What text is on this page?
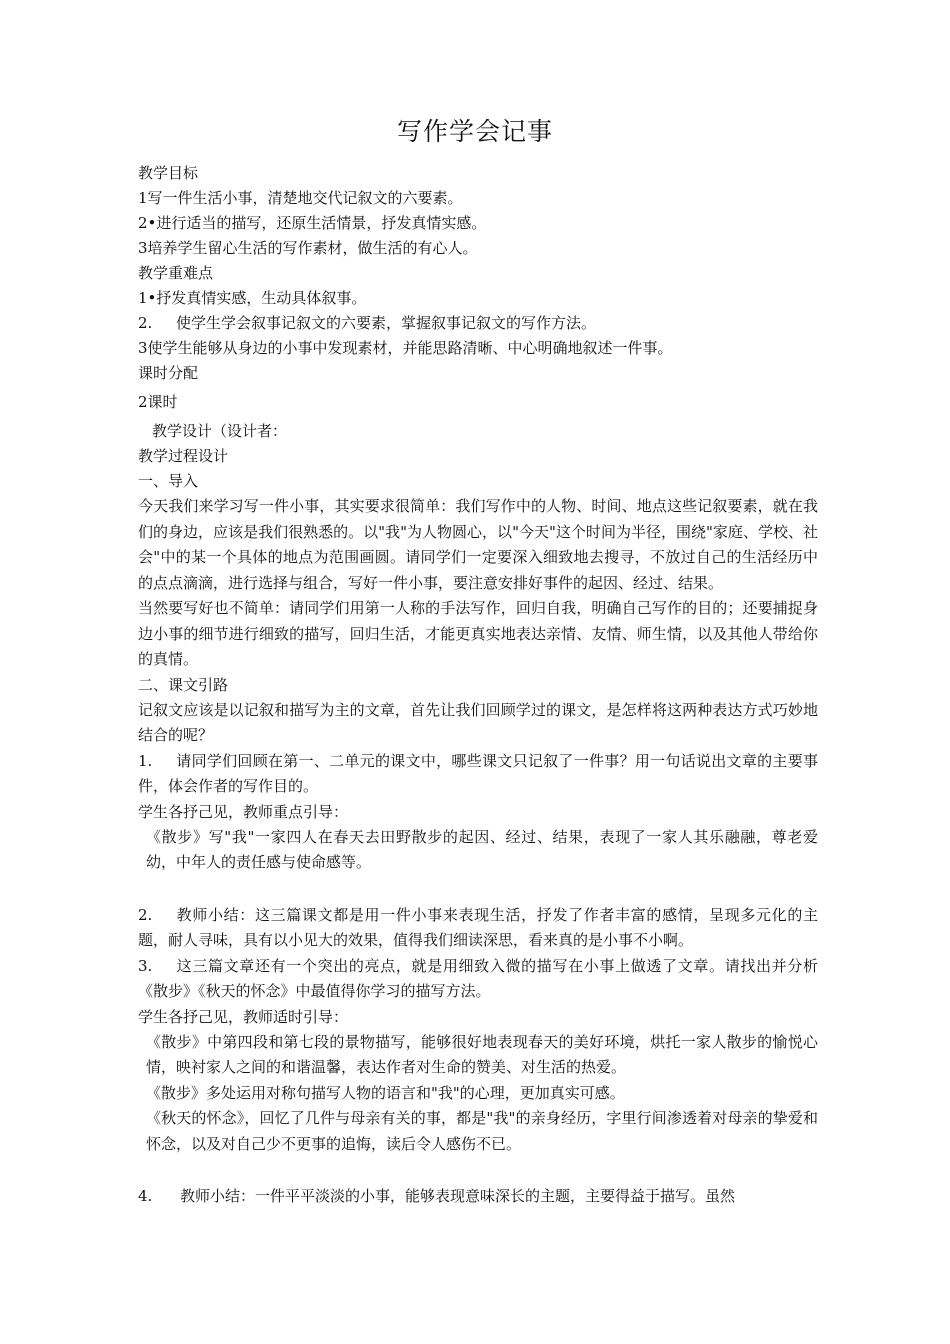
写作学会记事
教学目标
1写一件生活小事，清楚地交代记叙文的六要素。
2•进行适当的描写，还原生活情景，抒发真情实感。
3培养学生留心生活的写作素材，做生活的有心人。
教学重难点
1•抒发真情实感，生动具体叙事。
2. 使学生学会叙事记叙文的六要素，掌握叙事记叙文的写作方法。
3使学生能够从身边的小事中发现素材，并能思路清晰、中心明确地叙述一件事。
课时分配
2课时
教学设计（设计者：
教学过程设计
一、导入
今天我们来学习写一件小事，其实要求很简单：我们写作中的人物、时间、地点这些记叙要素，就在我们的身边，应该是我们很熟悉的。以"我"为人物圆心，以"今天"这个时间为半径，围绕"家庭、学校、社会"中的某一个具体的地点为范围画圆。请同学们一定要深入细致地去搜寻，不放过自己的生活经历中的点点滴滴，进行选择与组合，写好一件小事，要注意安排好事件的起因、经过、结果。
当然要写好也不简单：请同学们用第一人称的手法写作，回归自我，明确自己写作的目的；还要捕捉身边小事的细节进行细致的描写，回归生活，才能更真实地表达亲情、友情、师生情，以及其他人带给你的真情。
二、课文引路
记叙文应该是以记叙和描写为主的文章，首先让我们回顾学过的课文，是怎样将这两种表达方式巧妙地结合的呢？
1. 请同学们回顾在第一、二单元的课文中，哪些课文只记叙了一件事？用一句话说出文章的主要事件，体会作者的写作目的。
学生各抒己见，教师重点引导：
《散步》写"我"一家四人在春天去田野散步的起因、经过、结果，表现了一家人其乐融融，尊老爱幼，中年人的责任感与使命感等。
2. 教师小结：这三篇课文都是用一件小事来表现生活，抒发了作者丰富的感情，呈现多元化的主题，耐人寻味，具有以小见大的效果，值得我们细读深思，看来真的是小事不小啊。
3. 这三篇文章还有一个突出的亮点，就是用细致入微的描写在小事上做透了文章。请找出并分析《散步》《秋天的怀念》中最值得你学习的描写方法。
学生各抒己见，教师适时引导：
《散步》中第四段和第七段的景物描写，能够很好地表现春天的美好环境，烘托一家人散步的愉悦心情，映衬家人之间的和谐温馨，表达作者对生命的赞美、对生活的热爱。
《散步》多处运用对称句描写人物的语言和"我"的心理，更加真实可感。
《秋天的怀念》，回忆了几件与母亲有关的事，都是"我"的亲身经历，字里行间渗透着对母亲的挚爱和怀念，以及对自己少不更事的追悔，读后令人感伤不已。
4. 教师小结：一件平平淡淡的小事，能够表现意味深长的主题，主要得益于描写。虽然
